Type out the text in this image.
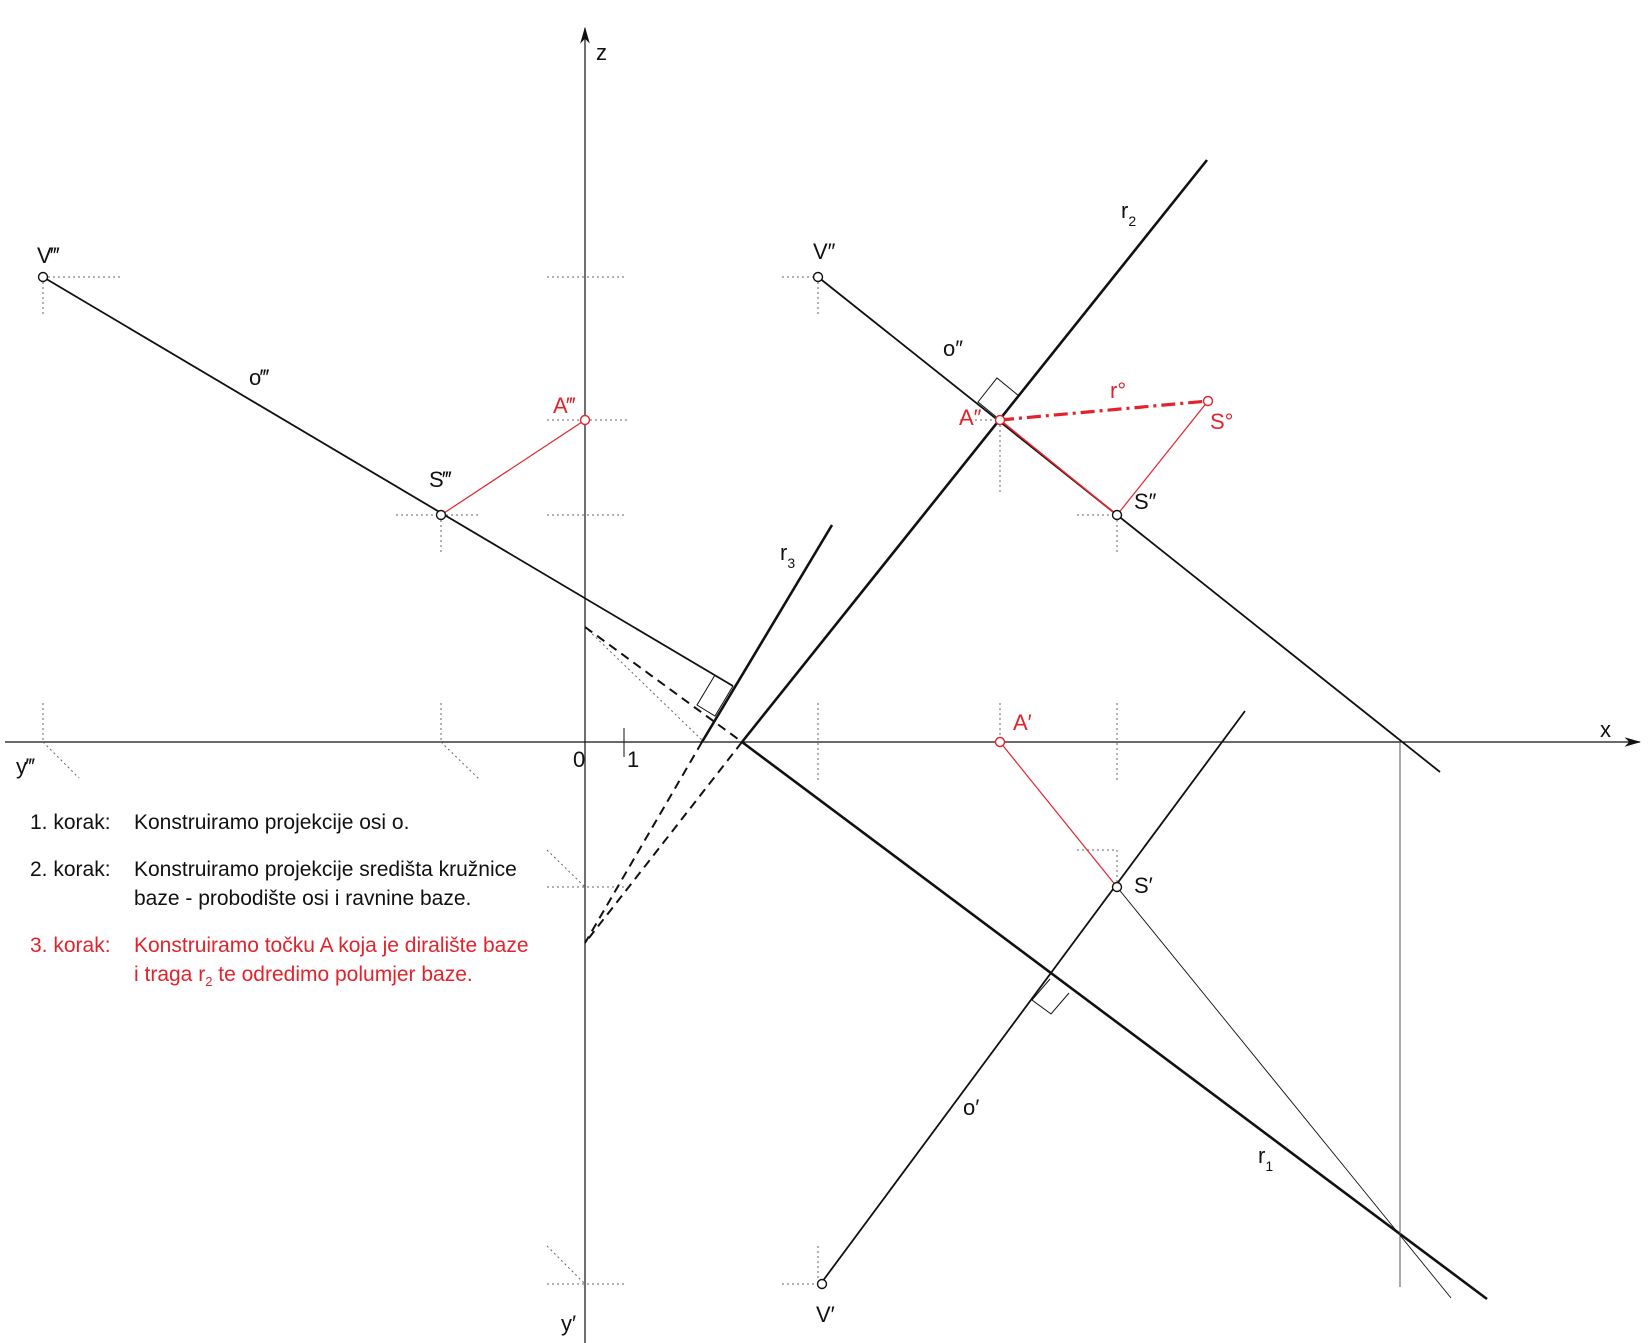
z
x
y′
y‴	0 1
V‴
o‴
S‴
A‴
V″
o″
A″
r°
S°
S″
$r_2$
$r_3$
$r_1$
A′
S′
o′
V′
1. korak:	Konstruiramo projekcije osi o.
2. korak:	Konstruiramo projekcije središta kružnice
baze - probodište osi i ravnine baze.
3. korak:	Konstruiramo točku A koja je diralište baze
i traga $r_2$ te odredimo polumjer baze.
